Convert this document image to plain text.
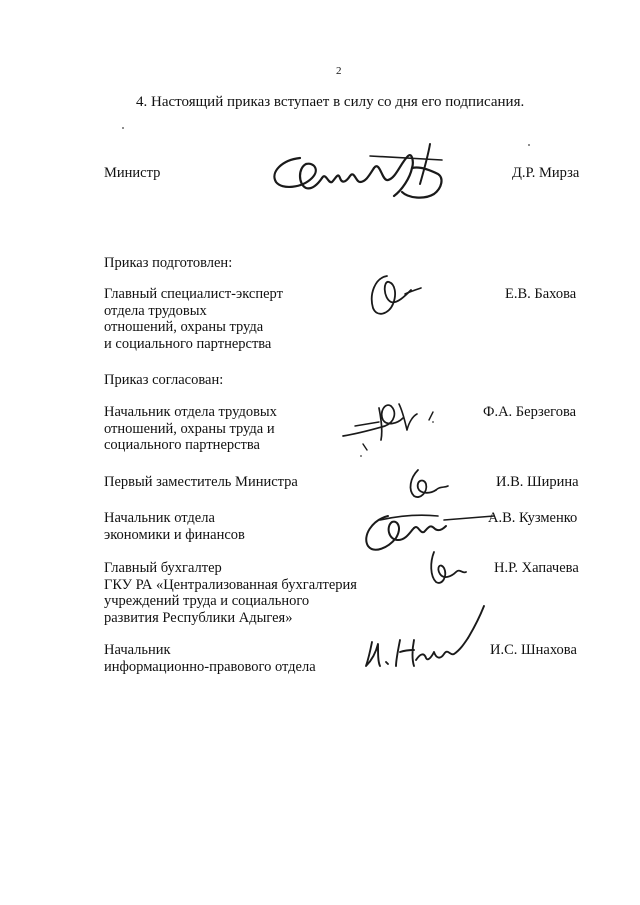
2
4. Настоящий приказ вступает в силу со дня его подписания.
Министр	Д.Р. Мирза
Приказ подготовлен:
Главный специалист-эксперт
отдела трудовых
отношений, охраны труда
и социального партнерства
Е.В. Бахова
Приказ согласован:
Начальник отдела трудовых
отношений, охраны труда и
социального партнерства
Ф.А. Берзегова
Первый заместитель Министра	И.В. Ширина
Начальник отдела
экономики и финансов
А.В. Кузменко
Главный бухгалтер
ГКУ РА «Централизованная бухгалтерия
учреждений труда и социального
развития Республики Адыгея»
Н.Р. Хапачева
Начальник
информационно-правового отдела
И.С. Шнахова
